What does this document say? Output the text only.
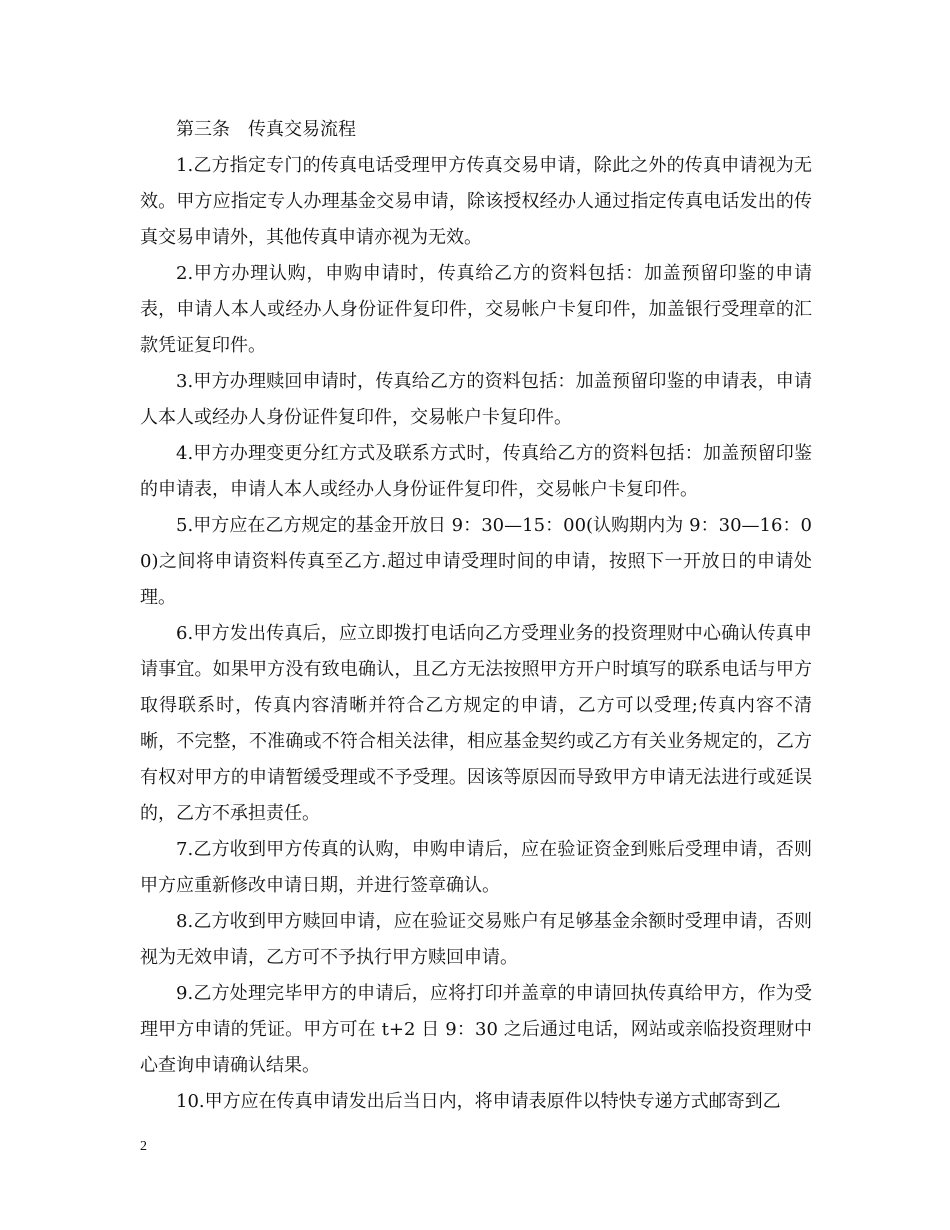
第三条　传真交易流程

1.乙方指定专门的传真电话受理甲方传真交易申请，除此之外的传真申请视为无效。甲方应指定专人办理基金交易申请，除该授权经办人通过指定传真电话发出的传真交易申请外，其他传真申请亦视为无效。

2.甲方办理认购，申购申请时，传真给乙方的资料包括：加盖预留印鉴的申请表，申请人本人或经办人身份证件复印件，交易帐户卡复印件，加盖银行受理章的汇款凭证复印件。

3.甲方办理赎回申请时，传真给乙方的资料包括：加盖预留印鉴的申请表，申请人本人或经办人身份证件复印件，交易帐户卡复印件。

4.甲方办理变更分红方式及联系方式时，传真给乙方的资料包括：加盖预留印鉴的申请表，申请人本人或经办人身份证件复印件，交易帐户卡复印件。

5.甲方应在乙方规定的基金开放日 9：30—15：00(认购期内为 9：30—16：00)之间将申请资料传真至乙方.超过申请受理时间的申请，按照下一开放日的申请处理。

6.甲方发出传真后，应立即拨打电话向乙方受理业务的投资理财中心确认传真申请事宜。如果甲方没有致电确认，且乙方无法按照甲方开户时填写的联系电话与甲方取得联系时，传真内容清晰并符合乙方规定的申请，乙方可以受理;传真内容不清晰，不完整，不准确或不符合相关法律，相应基金契约或乙方有关业务规定的，乙方有权对甲方的申请暂缓受理或不予受理。因该等原因而导致甲方申请无法进行或延误的，乙方不承担责任。

7.乙方收到甲方传真的认购，申购申请后，应在验证资金到账后受理申请，否则甲方应重新修改申请日期，并进行签章确认。

8.乙方收到甲方赎回申请，应在验证交易账户有足够基金余额时受理申请，否则视为无效申请，乙方可不予执行甲方赎回申请。

9.乙方处理完毕甲方的申请后，应将打印并盖章的申请回执传真给甲方，作为受理甲方申请的凭证。甲方可在 t+2 日 9：30 之后通过电话，网站或亲临投资理财中心查询申请确认结果。

10.甲方应在传真申请发出后当日内，将申请表原件以特快专递方式邮寄到乙

2
